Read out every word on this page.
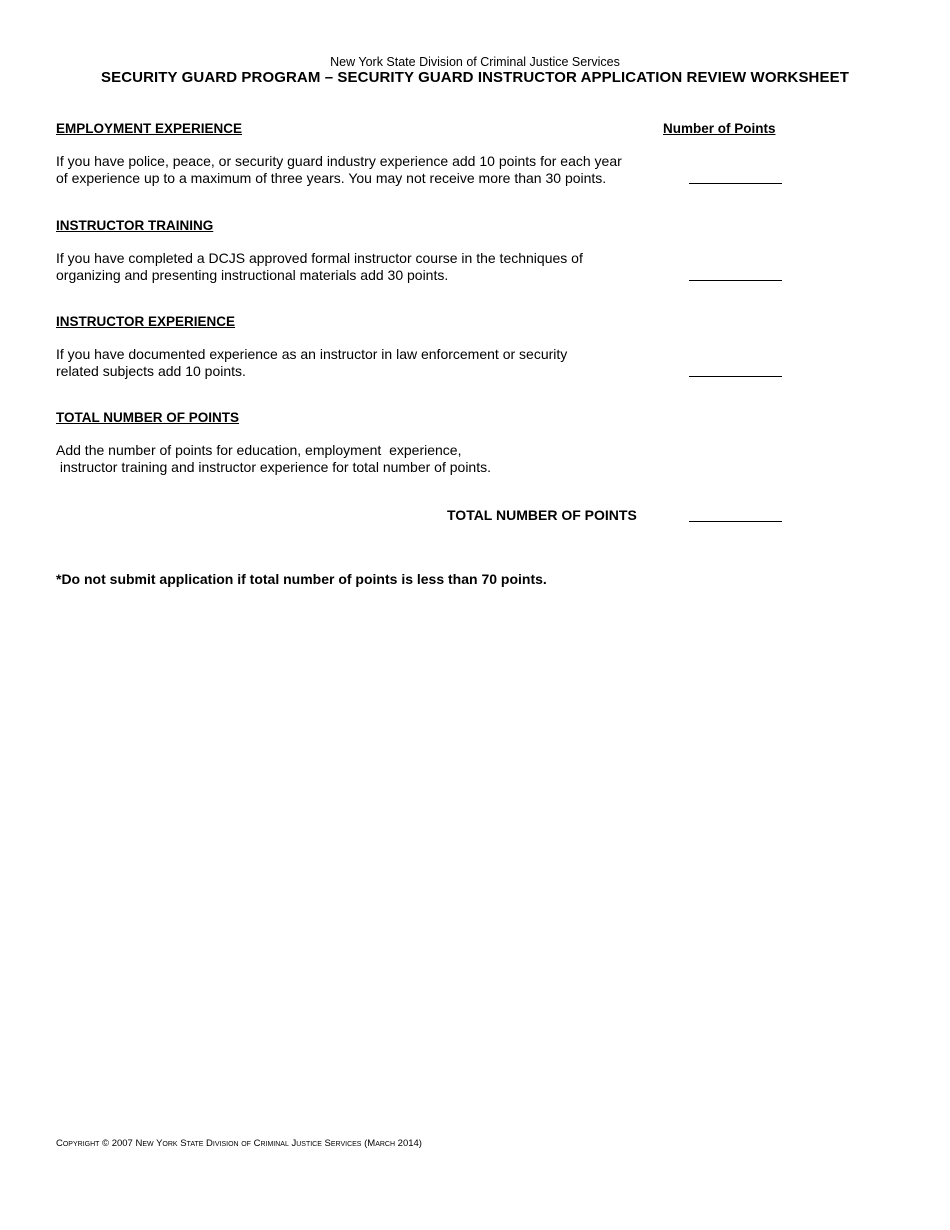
New York State Division of Criminal Justice Services
SECURITY GUARD PROGRAM – SECURITY GUARD INSTRUCTOR APPLICATION REVIEW WORKSHEET
Number of Points
EMPLOYMENT EXPERIENCE
If you have police, peace, or security guard industry experience add 10 points for each year
of experience up to a maximum of three years. You may not receive more than 30 points.
INSTRUCTOR TRAINING
If you have completed a DCJS approved formal instructor course in the techniques of
organizing and presenting instructional materials add 30 points.
INSTRUCTOR EXPERIENCE
If you have documented experience as an instructor in law enforcement or security
related subjects add 10 points.
TOTAL NUMBER OF POINTS
Add the number of points for education, employment  experience,
instructor training and instructor experience for total number of points.
TOTAL NUMBER OF POINTS
*Do not submit application if total number of points is less than 70 points.
Copyright © 2007 New York State Division of Criminal Justice Services (March 2014)
